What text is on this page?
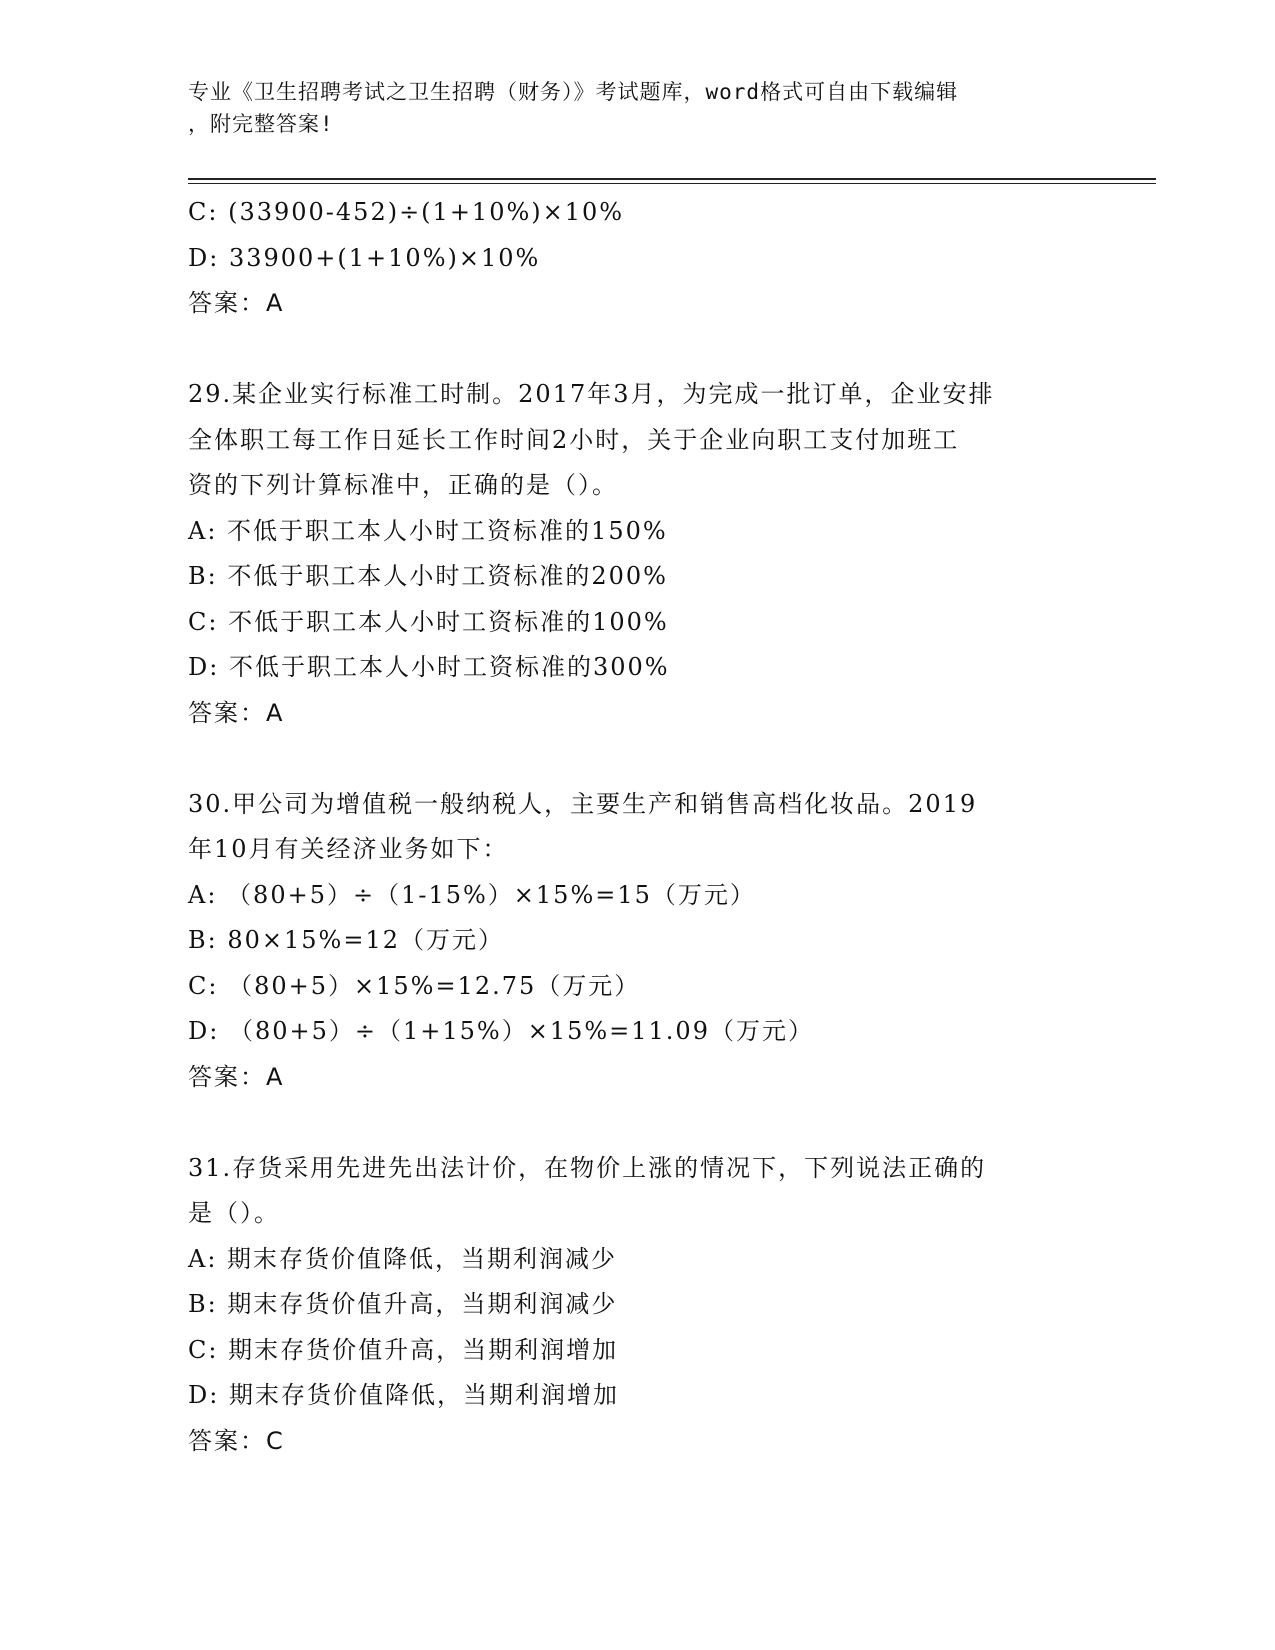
专业《卫生招聘考试之卫生招聘（财务）》考试题库，word格式可自由下载编辑
，附完整答案!
C: (33900-452)÷(1+10%)×10%
D: 33900+(1+10%)×10%
答案：A
29.某企业实行标准工时制。2017年3月，为完成一批订单，企业安排
全体职工每工作日延长工作时间2小时，关于企业向职工支付加班工
资的下列计算标准中，正确的是（）。
A: 不低于职工本人小时工资标准的150%
B: 不低于职工本人小时工资标准的200%
C: 不低于职工本人小时工资标准的100%
D: 不低于职工本人小时工资标准的300%
答案：A
30.甲公司为增值税一般纳税人，主要生产和销售高档化妆品。2019
年10月有关经济业务如下：
A: （80+5）÷（1-15%）×15%=15（万元）
B: 80×15%=12（万元）
C: （80+5）×15%=12.75（万元）
D: （80+5）÷（1+15%）×15%=11.09（万元）
答案：A
31.存货采用先进先出法计价，在物价上涨的情况下，下列说法正确的
是（）。
A: 期末存货价值降低，当期利润减少
B: 期末存货价值升高，当期利润减少
C: 期末存货价值升高，当期利润增加
D: 期末存货价值降低，当期利润增加
答案：C
